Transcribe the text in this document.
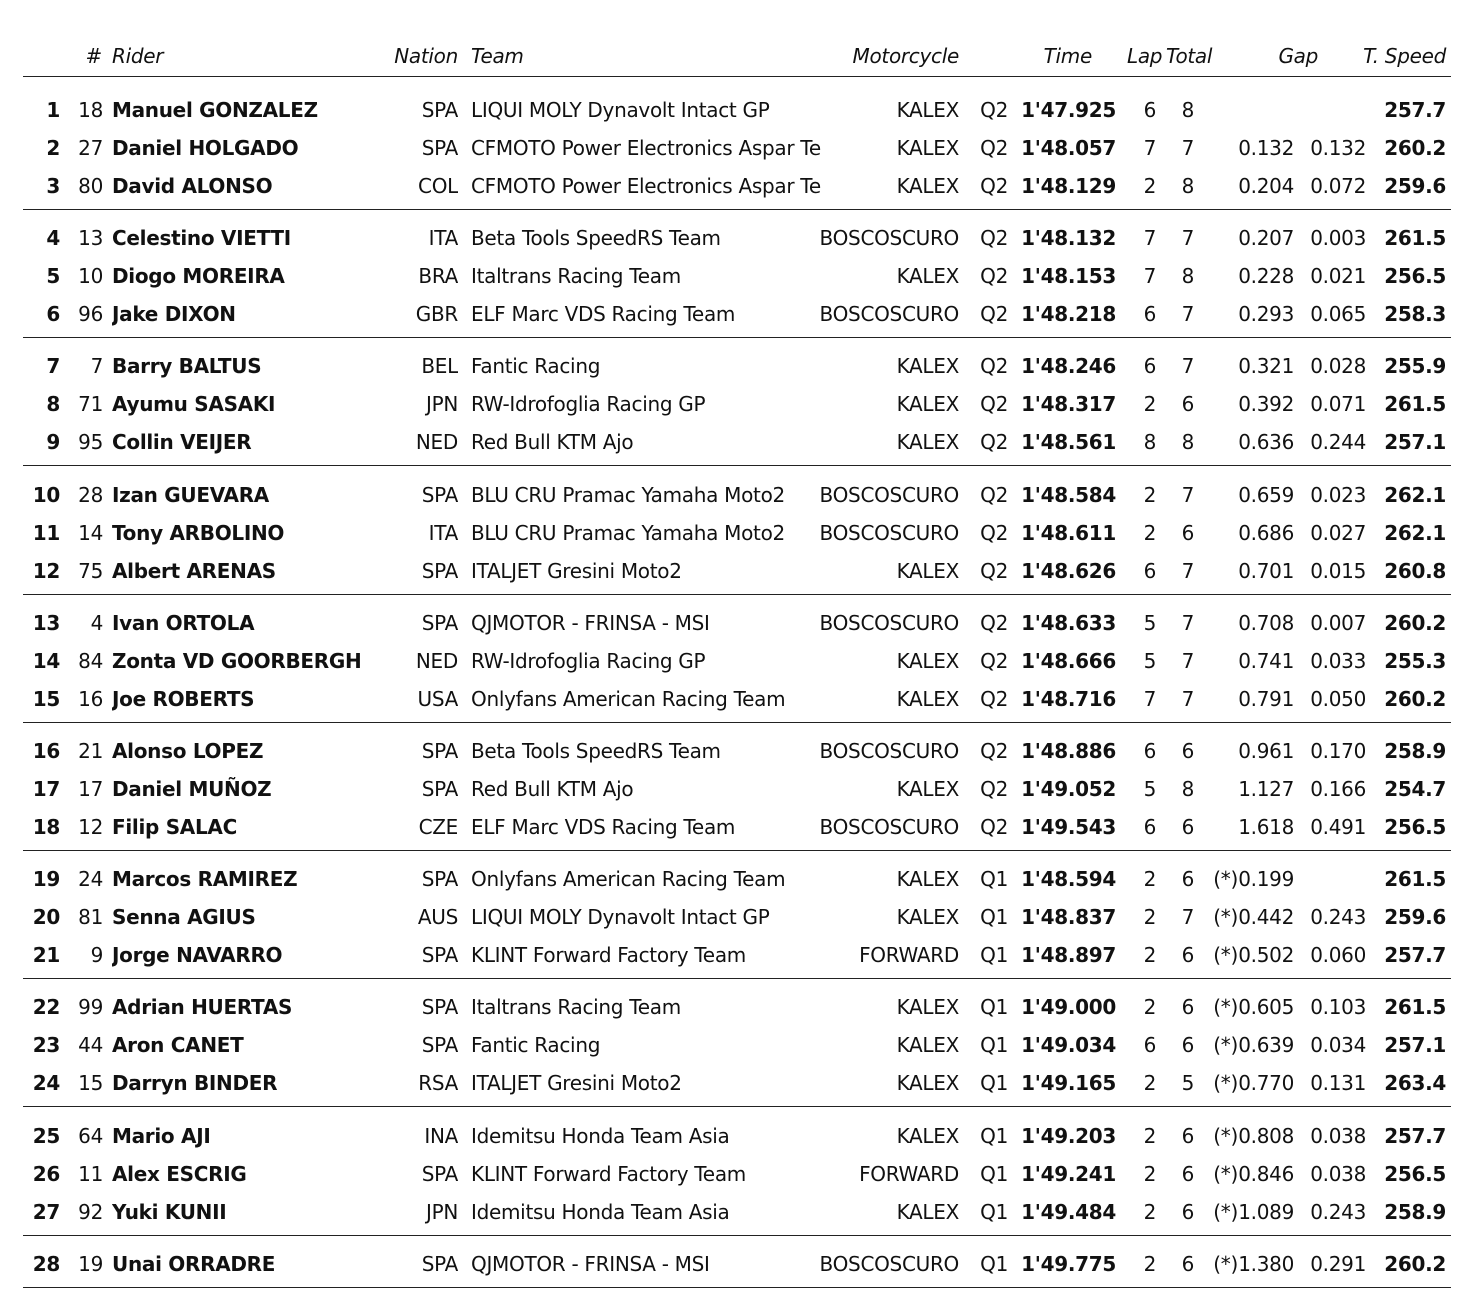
# Rider	Nation Team	Motorcycle	Time Lap Total	Gap	T. Speed
1 18 Manuel GONZALEZ	SPA LIQUI MOLY Dynavolt Intact GP	KALEX	Q2 1'47.925	6	8	257.7
2 27 Daniel HOLGADO	SPA CFMOTO Power Electronics Aspar Te	KALEX	Q2 1'48.057	7	7 0.132 0.132 260.2
3 80 David ALONSO	COL CFMOTO Power Electronics Aspar Te	KALEX	Q2 1'48.129	2	8 0.204 0.072 259.6
4 13 Celestino VIETTI	ITA Beta Tools SpeedRS Team	BOSCOSCURO	Q2 1'48.132	7	7 0.207 0.003 261.5
5 10 Diogo MOREIRA	BRA Italtrans Racing Team	KALEX	Q2 1'48.153	7	8 0.228 0.021 256.5
6 96 Jake DIXON	GBR ELF Marc VDS Racing Team	BOSCOSCURO	Q2 1'48.218	6	7 0.293 0.065 258.3
7	7 Barry BALTUS	BEL Fantic Racing	KALEX	Q2 1'48.246	6	7 0.321 0.028 255.9
8 71 Ayumu SASAKI	JPN RW-Idrofoglia Racing GP	KALEX	Q2 1'48.317	2	6 0.392 0.071 261.5
9 95 Collin VEIJER	NED Red Bull KTM Ajo	KALEX	Q2 1'48.561	8	8 0.636 0.244 257.1
10 28 Izan GUEVARA	SPA BLU CRU Pramac Yamaha Moto2	BOSCOSCURO	Q2 1'48.584	2	7 0.659 0.023 262.1
11 14 Tony ARBOLINO	ITA BLU CRU Pramac Yamaha Moto2	BOSCOSCURO	Q2 1'48.611	2	6 0.686 0.027 262.1
12 75 Albert ARENAS	SPA ITALJET Gresini Moto2	KALEX	Q2 1'48.626	6	7 0.701 0.015 260.8
13	4 Ivan ORTOLA	SPA QJMOTOR - FRINSA - MSI	BOSCOSCURO	Q2 1'48.633	5	7 0.708 0.007 260.2
14 84 Zonta VD GOORBERGH	NED RW-Idrofoglia Racing GP	KALEX	Q2 1'48.666	5	7 0.741 0.033 255.3
15 16 Joe ROBERTS	USA Onlyfans American Racing Team	KALEX	Q2 1'48.716	7	7 0.791 0.050 260.2
16 21 Alonso LOPEZ	SPA Beta Tools SpeedRS Team	BOSCOSCURO	Q2 1'48.886	6	6 0.961 0.170 258.9
17 17 Daniel MUÑOZ	SPA Red Bull KTM Ajo	KALEX	Q2 1'49.052	5	8 1.127 0.166 254.7
18 12 Filip SALAC	CZE ELF Marc VDS Racing Team	BOSCOSCURO	Q2 1'49.543	6	6 1.618 0.491 256.5
19 24 Marcos RAMIREZ	SPA Onlyfans American Racing Team	KALEX	Q1 1'48.594	2	6 (*) 0.199	261.5
20 81 Senna AGIUS	AUS LIQUI MOLY Dynavolt Intact GP	KALEX	Q1 1'48.837	2	7 (*) 0.442 0.243 259.6
21	9 Jorge NAVARRO	SPA KLINT Forward Factory Team	FORWARD	Q1 1'48.897	2	6 (*) 0.502 0.060 257.7
22 99 Adrian HUERTAS	SPA Italtrans Racing Team	KALEX	Q1 1'49.000	2	6 (*) 0.605 0.103 261.5
23 44 Aron CANET	SPA Fantic Racing	KALEX	Q1 1'49.034	6	6 (*) 0.639 0.034 257.1
24 15 Darryn BINDER	RSA ITALJET Gresini Moto2	KALEX	Q1 1'49.165	2	5 (*) 0.770 0.131 263.4
25 64 Mario AJI	INA Idemitsu Honda Team Asia	KALEX	Q1 1'49.203	2	6 (*) 0.808 0.038 257.7
26 11 Alex ESCRIG	SPA KLINT Forward Factory Team	FORWARD	Q1 1'49.241	2	6 (*) 0.846 0.038 256.5
27 92 Yuki KUNII	JPN Idemitsu Honda Team Asia	KALEX	Q1 1'49.484	2	6 (*) 1.089 0.243 258.9
28 19 Unai ORRADRE	SPA QJMOTOR - FRINSA - MSI	BOSCOSCURO	Q1 1'49.775	2	6 (*) 1.380 0.291 260.2
